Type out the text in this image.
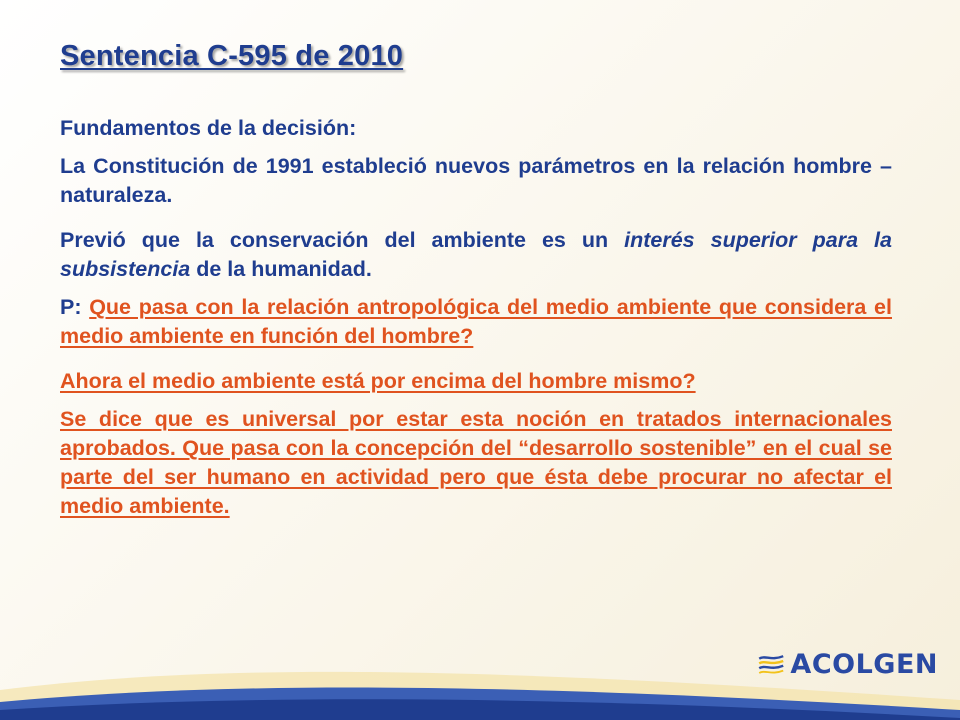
Sentencia C-595 de 2010

Fundamentos de la decisión:

La Constitución de 1991 estableció nuevos parámetros en la relación hombre – naturaleza.

Previó que la conservación del ambiente es un interés superior para la subsistencia de la humanidad.

P: Que pasa con la relación antropológica del medio ambiente que considera el medio ambiente en función del hombre?

Ahora el medio ambiente está por encima del hombre mismo?

Se dice que es universal por estar esta noción en tratados internacionales aprobados. Que pasa con la concepción del “desarrollo sostenible” en el cual se parte del ser humano en actividad pero que ésta debe procurar no afectar el medio ambiente.

ACOLGEN
